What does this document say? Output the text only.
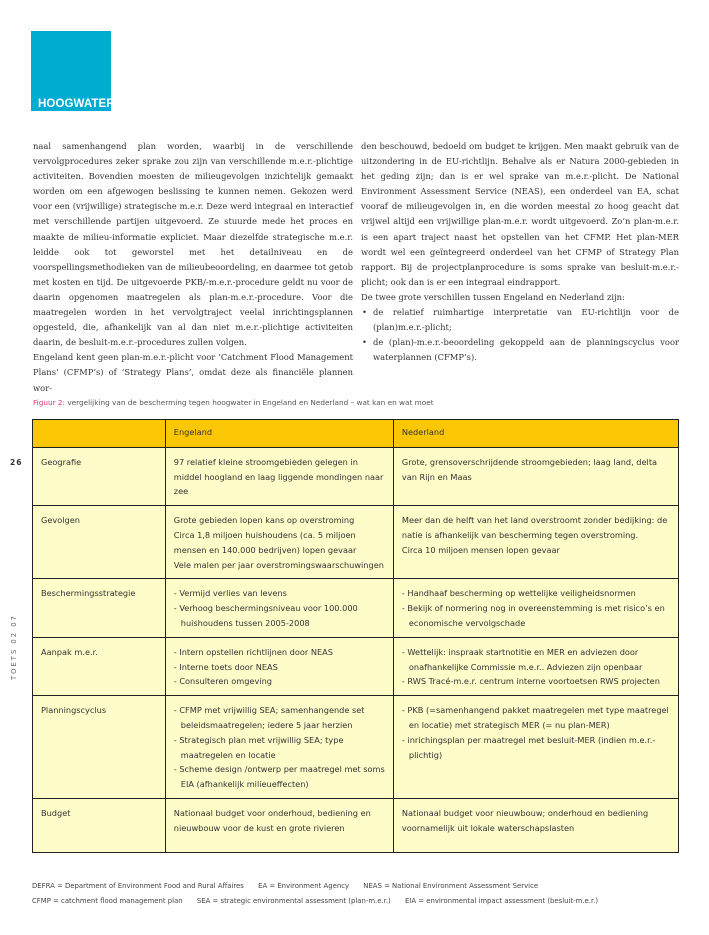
HOOGWATER

naal samenhangend plan worden, waarbij in de verschillende vervolgprocedures zeker sprake zou zijn van verschillende m.e.r.-plichtige activiteiten. Bovendien moesten de milieugevolgen inzichtelijk gemaakt worden om een afgewogen beslissing te kunnen nemen. Gekozen werd voor een (vrijwillige) strategische m.e.r. Deze werd integraal en interactief met verschillende partijen uitgevoerd. Ze stuurde mede het proces en maakte de milieu-informatie expliciet. Maar diezelfde strategische m.e.r. leidde ook tot geworstel met het detailniveau en de voorspellingsmethodieken van de milieubeoordeling, en daarmee tot getob met kosten en tijd. De uitgevoerde PKB/-m.e.r.-procedure geldt nu voor de daarin opgenomen maatregelen als plan-m.e.r.-procedure. Voor die maatregelen worden in het vervolgtraject veelal inrichtingsplannen opgesteld, die, afhankelijk van al dan niet m.e.r.-plichtige activiteiten daarin, de besluit-m.e.r.-procedures zullen volgen.

Engeland kent geen plan-m.e.r.-plicht voor ‘Catchment Flood Management Plans’ (CFMP’s) of ‘Strategy Plans’, omdat deze als financiële plannen wor-

den beschouwd, bedoeld om budget te krijgen. Men maakt gebruik van de uitzondering in de EU-richtlijn. Behalve als er Natura 2000-gebieden in het geding zijn; dan is er wel sprake van m.e.r.-plicht. De National Environment Assessment Service (NEAS), een onderdeel van EA, schat vooraf de milieugevolgen in, en die worden meestal zo hoog geacht dat vrijwel altijd een vrijwillige plan-m.e.r. wordt uitgevoerd. Zo’n plan-m.e.r. is een apart traject naast het opstellen van het CFMP. Het plan-MER wordt wel een geïntegreerd onderdeel van het CFMP of Strategy Plan rapport. Bij de projectplanprocedure is soms sprake van besluit-m.e.r.-plicht; ook dan is er een integraal eindrapport.

De twee grote verschillen tussen Engeland en Nederland zijn:

• de relatief ruimhartige interpretatie van EU-richtlijn voor de (plan)m.e.r.-plicht;
• de (plan)-m.e.r.-beoordeling gekoppeld aan de planningscyclus voor waterplannen (CFMP’s).
Figuur 2: vergelijking van de bescherming tegen hoogwater in Engeland en Nederland – wat kan en wat moet
26
TOETS 02 07
	Engeland	Nederland
Geografie	97 relatief kleine stroomgebieden gelegen in middel hoogland en laag liggende mondingen naar zee	Grote, grensoverschrijdende stroomgebieden; laag land, delta van Rijn en Maas

Gevolgen	Grote gebieden lopen kans op overstroming
Circa 1,8 miljoen huishoudens (ca. 5 miljoen mensen en 140.000 bedrijven) lopen gevaar
Vele malen per jaar overstromingswaarschuwingen	Meer dan de helft van het land overstroomt zonder bedijking: de natie is afhankelijk van bescherming tegen overstroming.
Circa 10 miljoen mensen lopen gevaar

Beschermingsstrategie	- Vermijd verlies van levens
- Verhoog beschermingsniveau voor 100.000 huishoudens tussen 2005-2008	- Handhaaf bescherming op wettelijke veiligheidsnormen
- Bekijk of normering nog in overeenstemming is met risico’s en economische vervolgschade

Aanpak m.e.r.	- Intern opstellen richtlijnen door NEAS
- Interne toets door NEAS
- Consulteren omgeving	- Wettelijk: inspraak startnotitie en MER en adviezen door onafhankelijke Commissie m.e.r.. Adviezen zijn openbaar
- RWS Tracé-m.e.r. centrum interne voortoetsen RWS projecten

Planningscyclus	- CFMP met vrijwillig SEA; samenhangende set beleidsmaatregelen; iedere 5 jaar herzien
- Strategisch plan met vrijwillig SEA; type maatregelen en locatie
- Scheme design /ontwerp per maatregel met soms EIA (afhankelijk milieueffecten)	- PKB (=samenhangend pakket maatregelen met type maatregel en locatie) met strategisch MER (= nu plan-MER)
- inrichingsplan per maatregel met besluit-MER (indien m.e.r.-plichtig)

Budget	Nationaal budget voor onderhoud, bediening en nieuwbouw voor de kust en grote rivieren	Nationaal budget voor nieuwbouw; onderhoud en bediening voornamelijk uit lokale waterschapslasten
DEFRA = Department of Environment Food and Rural Affaires EA = Environment Agency NEAS = National Environment Assessment Service
CFMP = catchment flood management plan SEA = strategic environmental assessment (plan-m.e.r.) EIA = environmental impact assessment (besluit-m.e.r.)
